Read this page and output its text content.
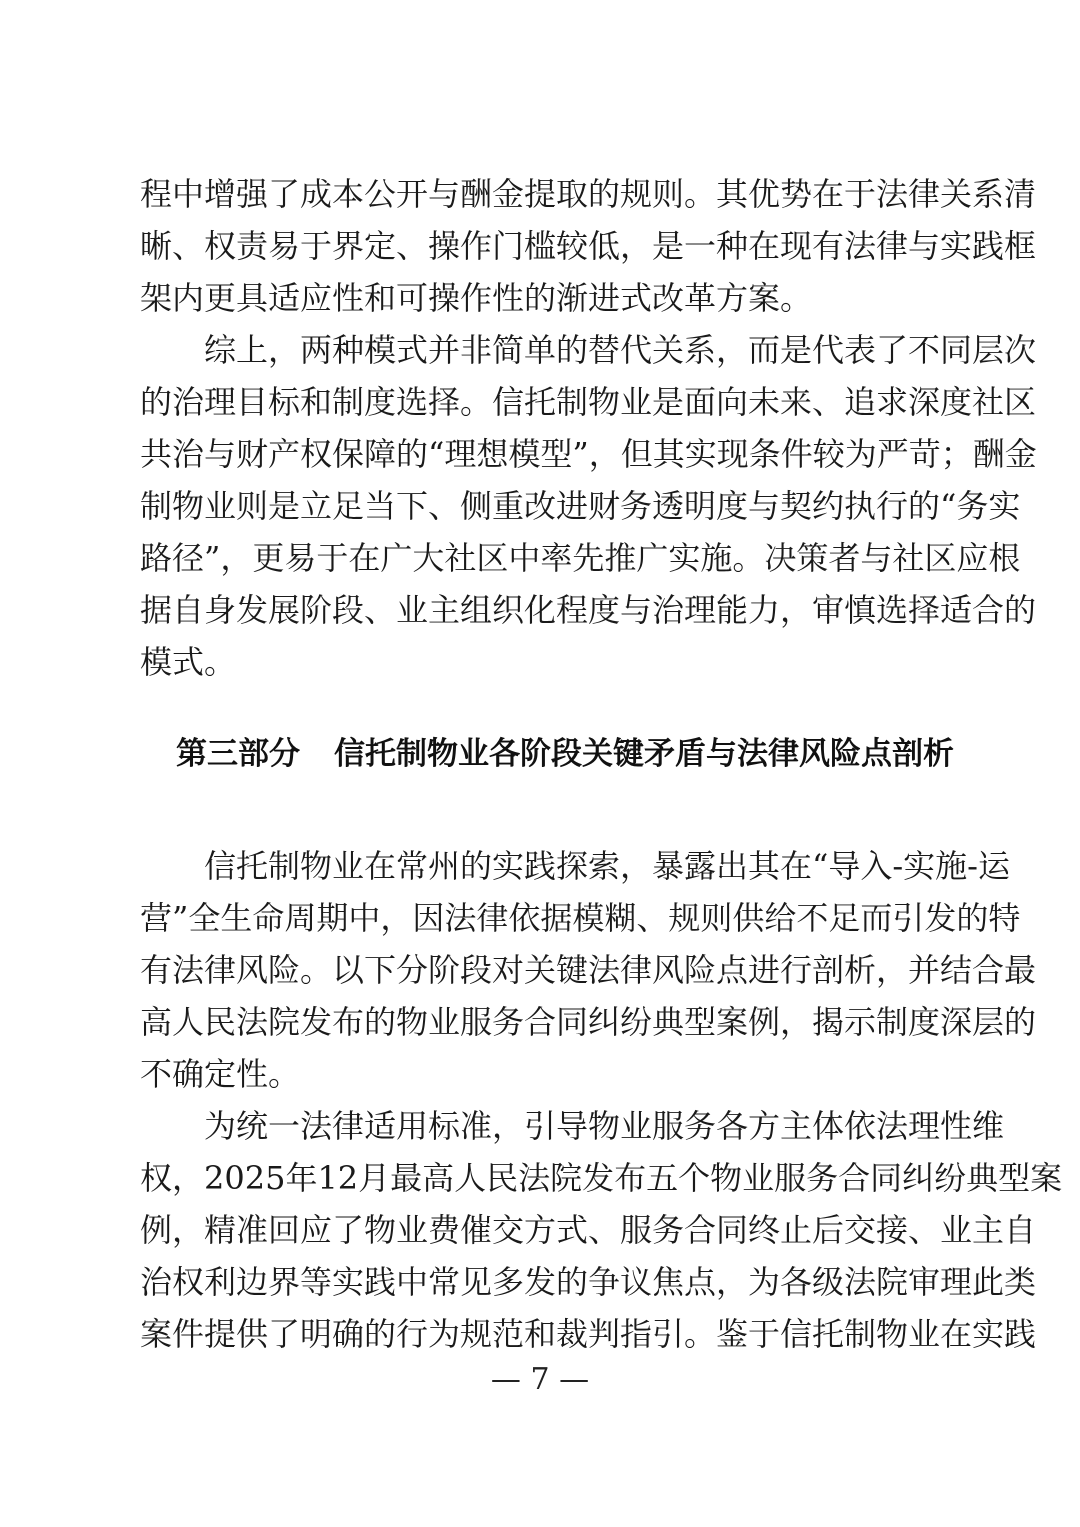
程中增强了成本公开与酬金提取的规则。其优势在于法律关系清
晰、权责易于界定、操作门槛较低，是一种在现有法律与实践框
架内更具适应性和可操作性的渐进式改革方案。
综上，两种模式并非简单的替代关系，而是代表了不同层次
的治理目标和制度选择。信托制物业是面向未来、追求深度社区
共治与财产权保障的“理想模型”，但其实现条件较为严苛；酬金
制物业则是立足当下、侧重改进财务透明度与契约执行的“务实
路径”，更易于在广大社区中率先推广实施。决策者与社区应根
据自身发展阶段、业主组织化程度与治理能力，审慎选择适合的
模式。
第三部分 信托制物业各阶段关键矛盾与法律风险点剖析
信托制物业在常州的实践探索，暴露出其在“导入-实施-运
营”全生命周期中，因法律依据模糊、规则供给不足而引发的特
有法律风险。以下分阶段对关键法律风险点进行剖析，并结合最
高人民法院发布的物业服务合同纠纷典型案例，揭示制度深层的
不确定性。
为统一法律适用标准，引导物业服务各方主体依法理性维
权，2025年12月最高人民法院发布五个物业服务合同纠纷典型案
例，精准回应了物业费催交方式、服务合同终止后交接、业主自
治权利边界等实践中常见多发的争议焦点，为各级法院审理此类
案件提供了明确的行为规范和裁判指引。鉴于信托制物业在实践
— 7 —
